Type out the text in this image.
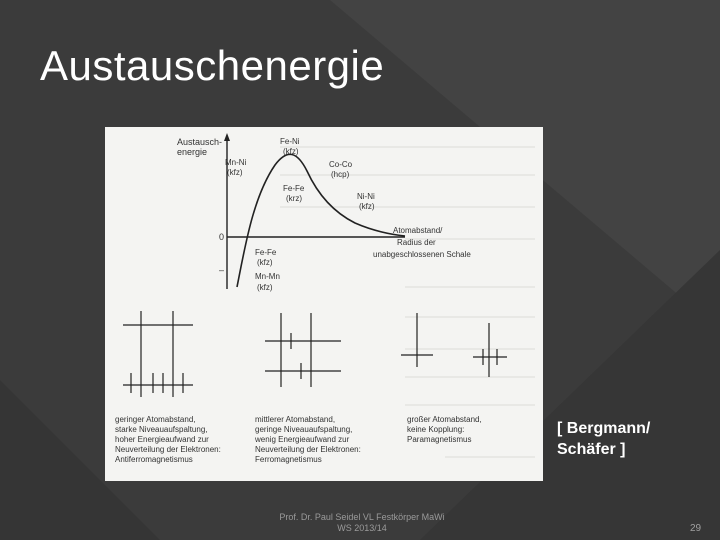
Austauschenergie
Austausch-
energie
0
–
Atomabstand/
Radius der
unabgeschlossenen Schale
Fe-Ni
(kfz)
Mn-Ni
(kfz)
Co-Co
(hcp)
Fe-Fe
(krz)	Ni-Ni
(kfz)
Fe-Fe
(kfz)
Mn-Mn
(kfz)
geringer Atomabstand,
starke Niveauaufspaltung,
hoher Energieaufwand zur
Neuverteilung der Elektronen:
Antiferromagnetismus
mittlerer Atomabstand,
geringe Niveauaufspaltung,
wenig Energieaufwand zur
Neuverteilung der Elektronen:
Ferromagnetismus
großer Atomabstand,
keine Kopplung:
Paramagnetismus
[ Bergmann/ Schäfer ]
Prof. Dr. Paul Seidel VL Festkörper MaWi
WS 2013/14	29
